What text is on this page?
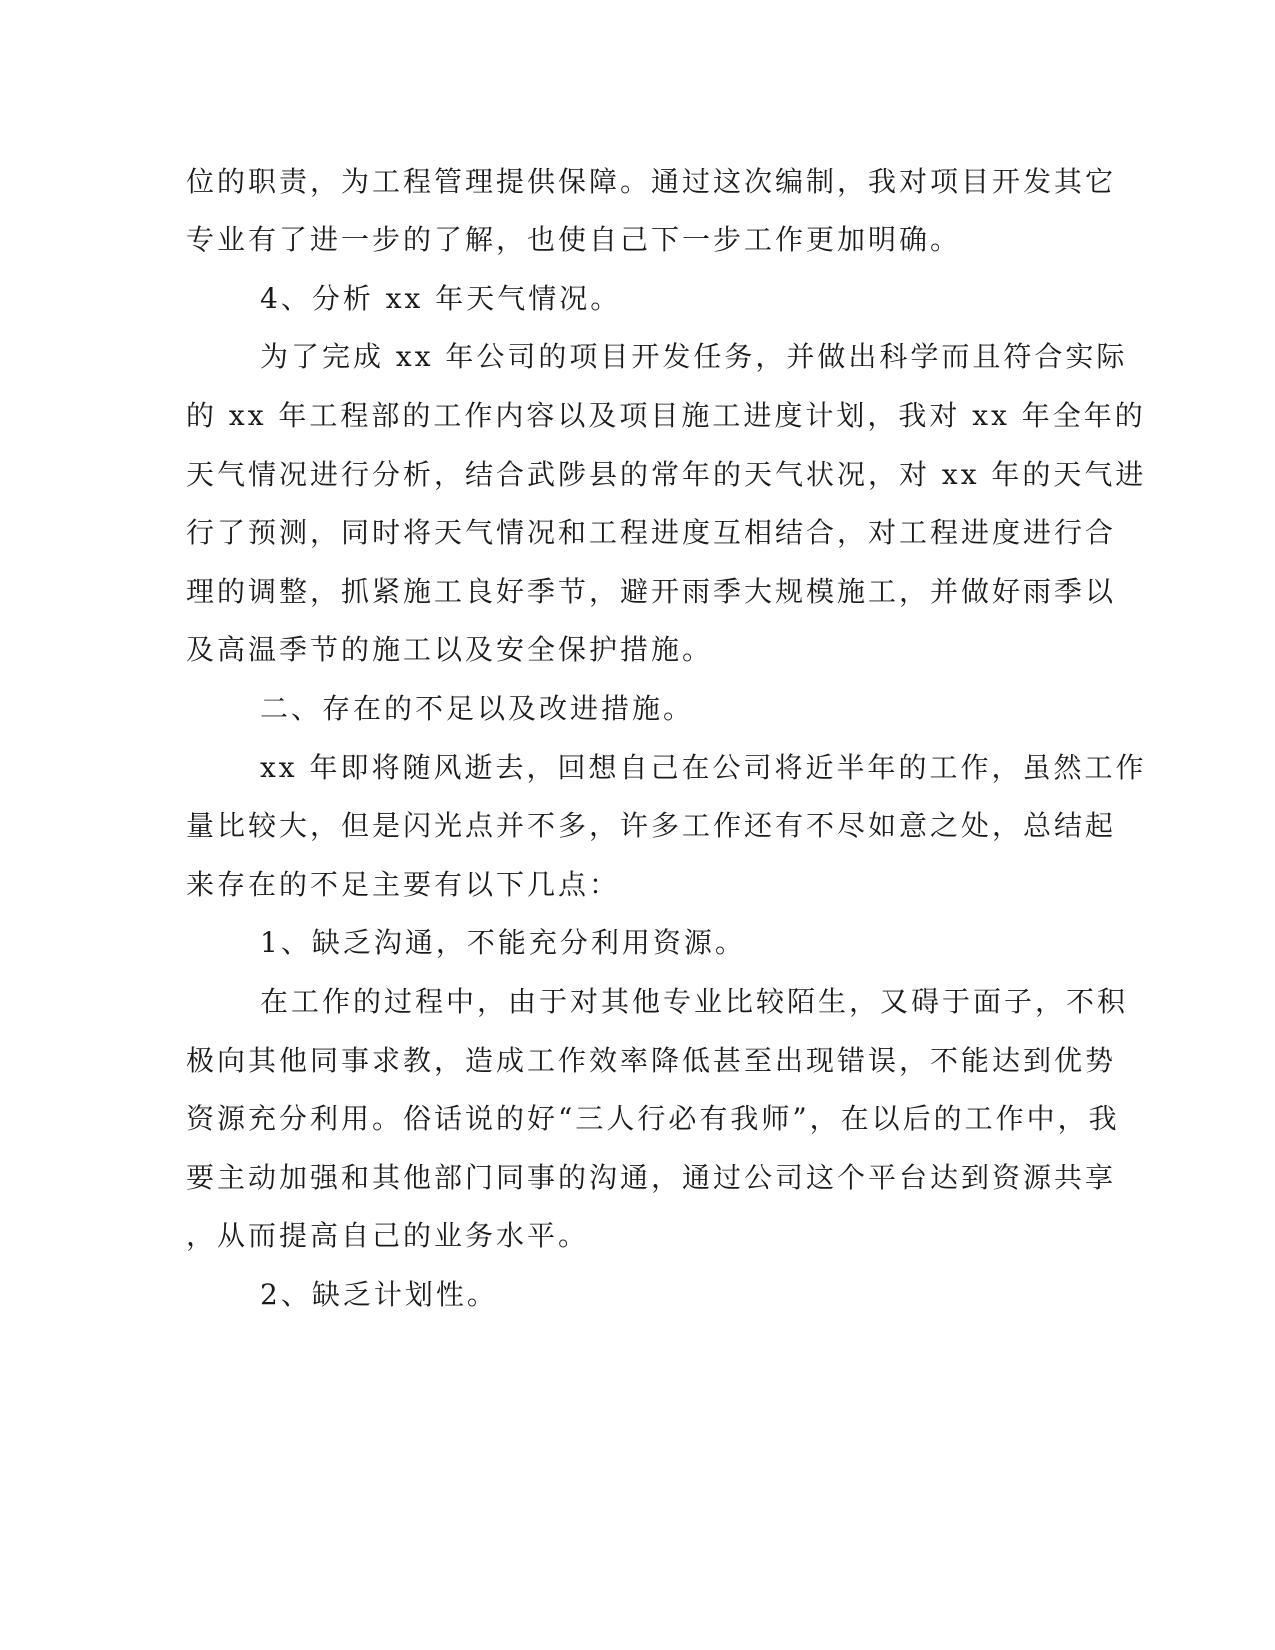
位的职责，为工程管理提供保障。通过这次编制，我对项目开发其它
专业有了进一步的了解，也使自己下一步工作更加明确。
4、分析 xx 年天气情况。
为了完成 xx 年公司的项目开发任务，并做出科学而且符合实际
的 xx 年工程部的工作内容以及项目施工进度计划，我对 xx 年全年的
天气情况进行分析，结合武陟县的常年的天气状况，对 xx 年的天气进
行了预测，同时将天气情况和工程进度互相结合，对工程进度进行合
理的调整，抓紧施工良好季节，避开雨季大规模施工，并做好雨季以
及高温季节的施工以及安全保护措施。
二、存在的不足以及改进措施。
xx 年即将随风逝去，回想自己在公司将近半年的工作，虽然工作
量比较大，但是闪光点并不多，许多工作还有不尽如意之处，总结起
来存在的不足主要有以下几点：
1、缺乏沟通，不能充分利用资源。
在工作的过程中，由于对其他专业比较陌生，又碍于面子，不积
极向其他同事求教，造成工作效率降低甚至出现错误，不能达到优势
资源充分利用。俗话说的好“三人行必有我师”，在以后的工作中，我
要主动加强和其他部门同事的沟通，通过公司这个平台达到资源共享
，从而提高自己的业务水平。
2、缺乏计划性。
